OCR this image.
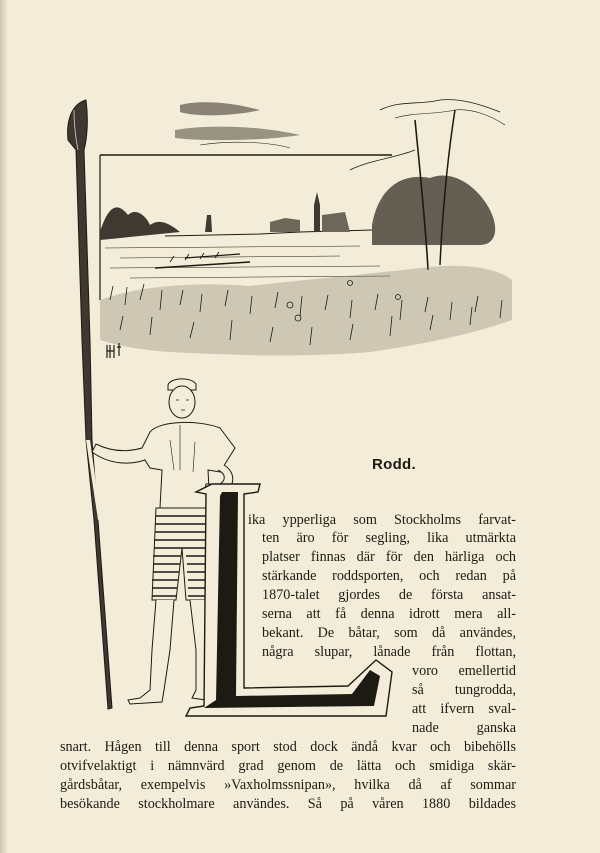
Rodd.
ika ypperliga som Stockholms farvat-
ten äro för segling, lika utmärkta
platser finnas där för den härliga och
stärkande roddsporten, och redan på
1870-talet gjordes de första ansat-
serna att få denna idrott mera all-
bekant. De båtar, som då användes,
några slupar, lånade från flottan,
voro emellertid
så tungrodda,
att ifvern sval-
nade ganska
snart. Hågen till denna sport stod dock ändå kvar och bibehölls
otvifvelaktigt i nämnvärd grad genom de lätta och smidiga skär-
gårdsbåtar, exempelvis »Vaxholmssnipan», hvilka då af sommar
besökande stockholmare användes. Så på våren 1880 bildades
